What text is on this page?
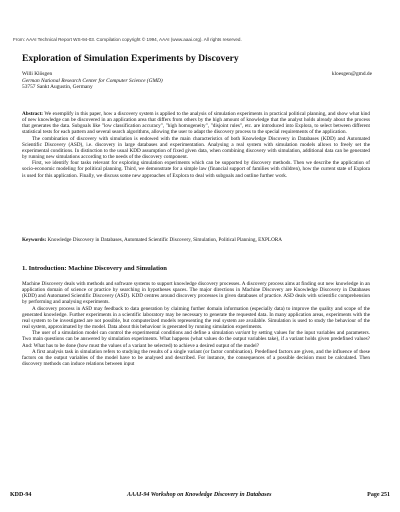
From: AAAI Technical Report WS-94-03. Compilation copyright © 1994, AAAI (www.aaai.org). All rights reserved.
Exploration of Simulation Experiments by Discovery
Willi Klösgen
German National Research Center for Computer Science (GMD)
53757 Sankt Augustin, Germany
kloesgen@gmd.de

Abstract: We exemplify in this paper, how a discovery system is applied to the analysis of simulation experiments in practical political planning, and show what kind of new knowledge can be discovered in an application area that differs from others by the high amount of knowledge that the analyst holds already about the process that generates the data. Subgoals like "low classification accuracy", "high homogeneity", "disjoint rules", etc. are introduced into Explora, to select between different statistical tests for each pattern and several search algorithms, allowing the user to adapt the discovery process to the special requirements of the application.

The combination of discovery with simulation is endowed with the main characteristics of both Knowledge Discovery in Databases (KDD) and Automated Scientific Discovery (ASD), i.e. discovery in large databases and experimentation. Analysing a real system with simulation models allows to freely set the experimental conditions. In distinction to the usual KDD assumption of fixed given data, when combining discovery with simulation, additional data can be generated by running new simulations according to the needs of the discovery component.

First, we identify four tasks relevant for exploring simulation experiments which can be supported by discovery methods. Then we describe the application of socio-economic modeling for political planning. Third, we demonstrate for a simple law (financial support of families with children), how the current state of Explora is used for this application. Finally, we discuss some new approaches of Explora to deal with subgoals and outline further work.

Keywords: Knowledge Discovery in Databases, Automated Scientific Discovery, Simulation, Political Planning, EXPLORA

1. Introduction: Machine Discovery and Simulation

Machine Discovery deals with methods and software systems to support knowledge discovery processes. A discovery process aims at finding out new knowledge in an application domain of science or practice by searching in hypotheses spaces. The major directions in Machine Discovery are Knowledge Discovery in Databases (KDD) and Automated Scientific Discovery (ASD). KDD centres around discovery processes in given databases of practice. ASD deals with scientific comprehension by performing and analysing experiments.

A discovery process in ASD may feedback to data generation by claiming further domain information (especially data) to improve the quality and scope of the generated knowledge. Further experiments in a scientific laboratory may be necessary to generate the requested data. In many application areas, experiments with the real system to be investigated are not possible, but computerized models representing the real system are available. Simulation is used to study the behaviour of the real system, approximated by the model. Data about this behaviour is generated by running simulation experiments.

The user of a simulation model can control the experimental conditions and define a simulation variant by setting values for the input variables and parameters. Two main questions can be answered by simulation experiments. What happens (what values do the output variables take), if a variant holds given predefined values? And: What has to be done (how must the values of a variant be selected) to achieve a desired output of the model?

A first analysis task in simulation refers to studying the results of a single variant (or factor combination). Predefined factors are given, and the influence of these factors on the output variables of the model have to be analysed and described. For instance, the consequences of a possible decision must be calculated. Then discovery methods can induce relations between input

KDD-94	AAAI-94 Workshop on Knowledge Discovery in Databases	Page 251
